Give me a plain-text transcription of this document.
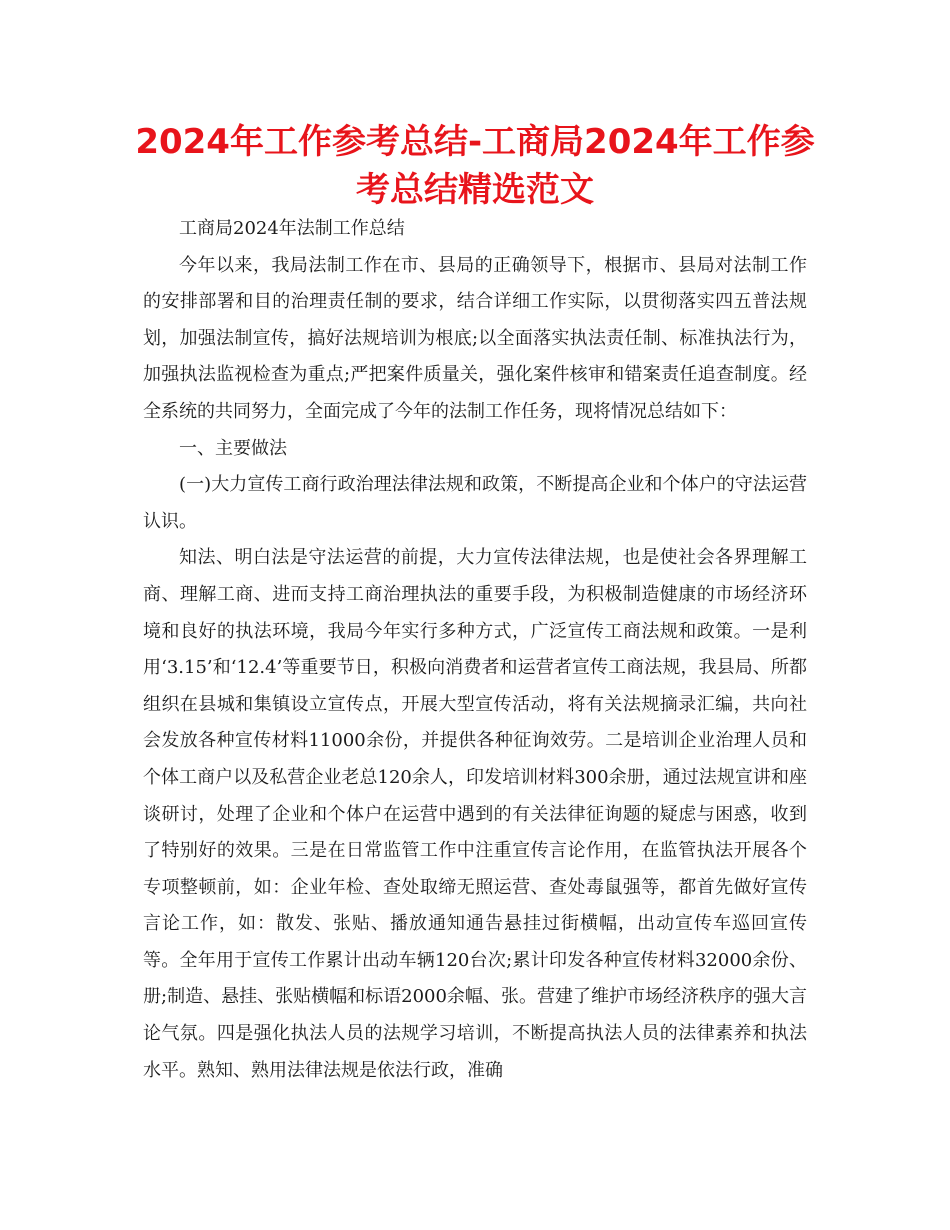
2024年工作参考总结-工商局2024年工作参考总结精选范文

工商局2024年法制工作总结

今年以来，我局法制工作在市、县局的正确领导下，根据市、县局对法制工作的安排部署和目的治理责任制的要求，结合详细工作实际，以贯彻落实四五普法规划，加强法制宣传，搞好法规培训为根底;以全面落实执法责任制、标准执法行为，加强执法监视检查为重点;严把案件质量关，强化案件核审和错案责任追查制度。经全系统的共同努力，全面完成了今年的法制工作任务，现将情况总结如下：

一、主要做法

(一)大力宣传工商行政治理法律法规和政策，不断提高企业和个体户的守法运营认识。

知法、明白法是守法运营的前提，大力宣传法律法规，也是使社会各界理解工商、理解工商、进而支持工商治理执法的重要手段，为积极制造健康的市场经济环境和良好的执法环境，我局今年实行多种方式，广泛宣传工商法规和政策。一是利用‘3.15’和‘12.4’等重要节日，积极向消费者和运营者宣传工商法规，我县局、所都组织在县城和集镇设立宣传点，开展大型宣传活动，将有关法规摘录汇编，共向社会发放各种宣传材料11000余份，并提供各种征询效劳。二是培训企业治理人员和个体工商户以及私营企业老总120余人，印发培训材料300余册，通过法规宣讲和座谈研讨，处理了企业和个体户在运营中遇到的有关法律征询题的疑虑与困惑，收到了特别好的效果。三是在日常监管工作中注重宣传言论作用，在监管执法开展各个专项整顿前，如：企业年检、查处取缔无照运营、查处毒鼠强等，都首先做好宣传言论工作，如：散发、张贴、播放通知通告悬挂过街横幅，出动宣传车巡回宣传等。全年用于宣传工作累计出动车辆120台次;累计印发各种宣传材料32000余份、册;制造、悬挂、张贴横幅和标语2000余幅、张。营建了维护市场经济秩序的强大言论气氛。四是强化执法人员的法规学习培训，不断提高执法人员的法律素养和执法水平。熟知、熟用法律法规是依法行政，准确
